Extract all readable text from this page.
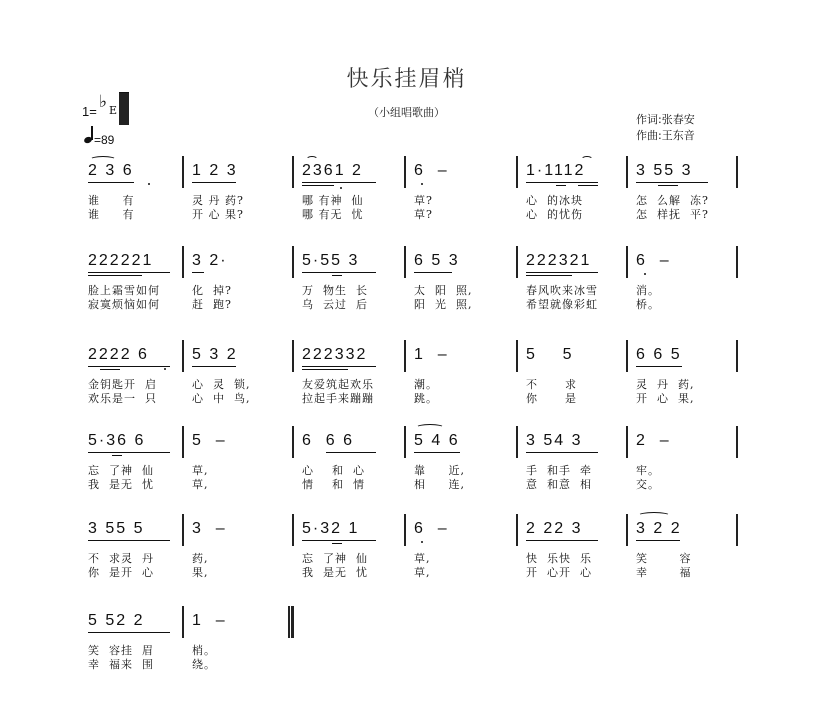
快乐挂眉梢
（小组唱歌曲）
作词:张春安
作曲:王东音
1=
♭ E
=89
2 3 6
谁     有
谁     有
1 2 3
灵 丹 药?
开 心 果?
2361 2
哪 有神  仙
哪 有无  忧
6  –
草?
草?
1·1112
心  的冰块
心  的忧伤
3 55 3
怎  么解  冻?
怎  样抚  平?
222221
脸上霜雪如何
寂寞烦恼如何
3 2·
化  掉?
赶  跑?
5·55 3
万  物生  长
乌  云过  后
6 5 3
太  阳  照,
阳  光  照,
222321
春风吹来冰雪
希望就像彩虹
6  –
消。
桥。
2222 6
金钥匙开  启
欢乐是一  只
5 3 2
心  灵  锁,
心  中  鸟,
222332
友爱筑起欢乐
拉起手来蹦蹦
1  –
潮。
跳。
5    5
不      求
你      是
6 6 5
灵  丹  药,
开  心  果,
5·36 6
忘  了神  仙
我  是无  忧
5  –
草,
草,
6  6 6
心    和  心
情    和  情
5 4 6
靠     近,
相     连,
3 54 3
手  和手  牵
意  和意  相
2  –
牢。
交。
3 55 5
不  求灵  丹
你  是开  心
3  –
药,
果,
5·32 1
忘  了神  仙
我  是无  忧
6  –
草,
草,
2 22 3
快  乐快  乐
开  心开  心
3 2 2
笑       容
幸       福
5 52 2
笑  容挂  眉
幸  福来  围
1  –
梢。
绕。
